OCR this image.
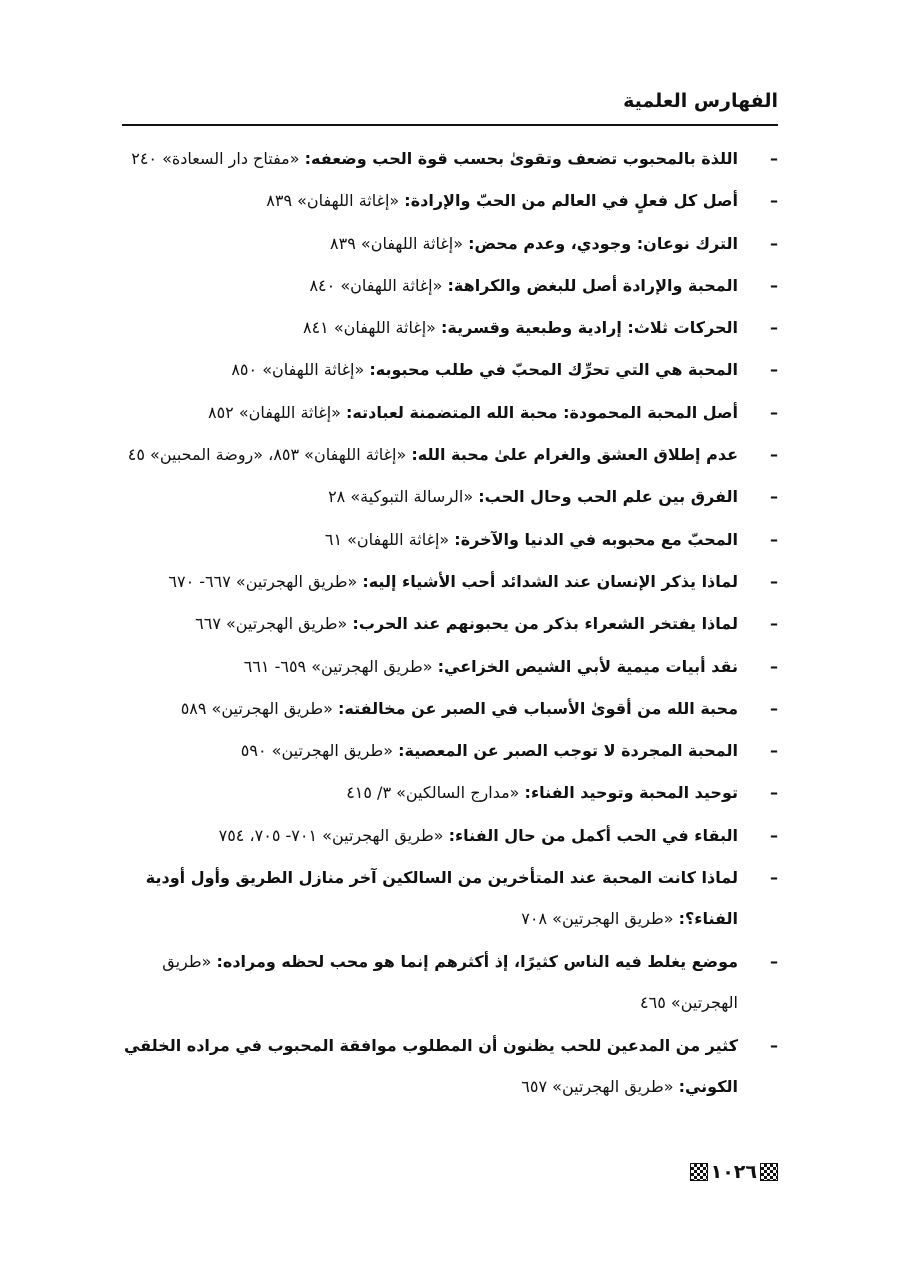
الفهارس العلمية
–
اللذة بالمحبوب تضعف وتقوىٰ بحسب قوة الحب وضعفه: «مفتاح دار السعادة» ٢٤٠
–
أصل كل فعلٍ في العالم من الحبّ والإرادة: «إغاثة اللهفان» ٨٣٩
–
الترك نوعان: وجودي، وعدم محض: «إغاثة اللهفان» ٨٣٩
–
المحبة والإرادة أصل للبغض والكراهة: «إغاثة اللهفان» ٨٤٠
–
الحركات ثلاث: إرادية وطبعية وقسرية: «إغاثة اللهفان» ٨٤١
–
المحبة هي التي تحرِّك المحبّ في طلب محبوبه: «إغاثة اللهفان» ٨٥٠
–
أصل المحبة المحمودة: محبة الله المتضمنة لعبادته: «إغاثة اللهفان» ٨٥٢
–
عدم إطلاق العشق والغرام علىٰ محبة الله: «إغاثة اللهفان» ٨٥٣، «روضة المحبين» ٤٥
–
الفرق بين علم الحب وحال الحب: «الرسالة التبوكية» ٢٨
–
المحبّ مع محبوبه في الدنيا والآخرة: «إغاثة اللهفان» ٦١
–
لماذا يذكر الإنسان عند الشدائد أحب الأشياء إليه: «طريق الهجرتين» ٦٦٧- ٦٧٠
–
لماذا يفتخر الشعراء بذكر من يحبونهم عند الحرب: «طريق الهجرتين» ٦٦٧
–
نقد أبيات ميمية لأبي الشيص الخزاعي: «طريق الهجرتين» ٦٥٩- ٦٦١
–
محبة الله من أقوىٰ الأسباب في الصبر عن مخالفته: «طريق الهجرتين» ٥٨٩
–
المحبة المجردة لا توجب الصبر عن المعصية: «طريق الهجرتين» ٥٩٠
–
توحيد المحبة وتوحيد الفناء: «مدارج السالكين» ٣/ ٤١٥
–
البقاء في الحب أكمل من حال الفناء: «طريق الهجرتين» ٧٠١- ٧٠٥، ٧٥٤
–
لماذا كانت المحبة عند المتأخرين من السالكين آخر منازل الطريق وأول أودية الفناء؟: «طريق الهجرتين» ٧٠٨
–
موضع يغلط فيه الناس كثيرًا، إذ أكثرهم إنما هو محب لحظه ومراده: «طريق الهجرتين» ٤٦٥
–
كثير من المدعين للحب يظنون أن المطلوب موافقة المحبوب في مراده الخلقي الكوني: «طريق الهجرتين» ٦٥٧
١٠٢٦
